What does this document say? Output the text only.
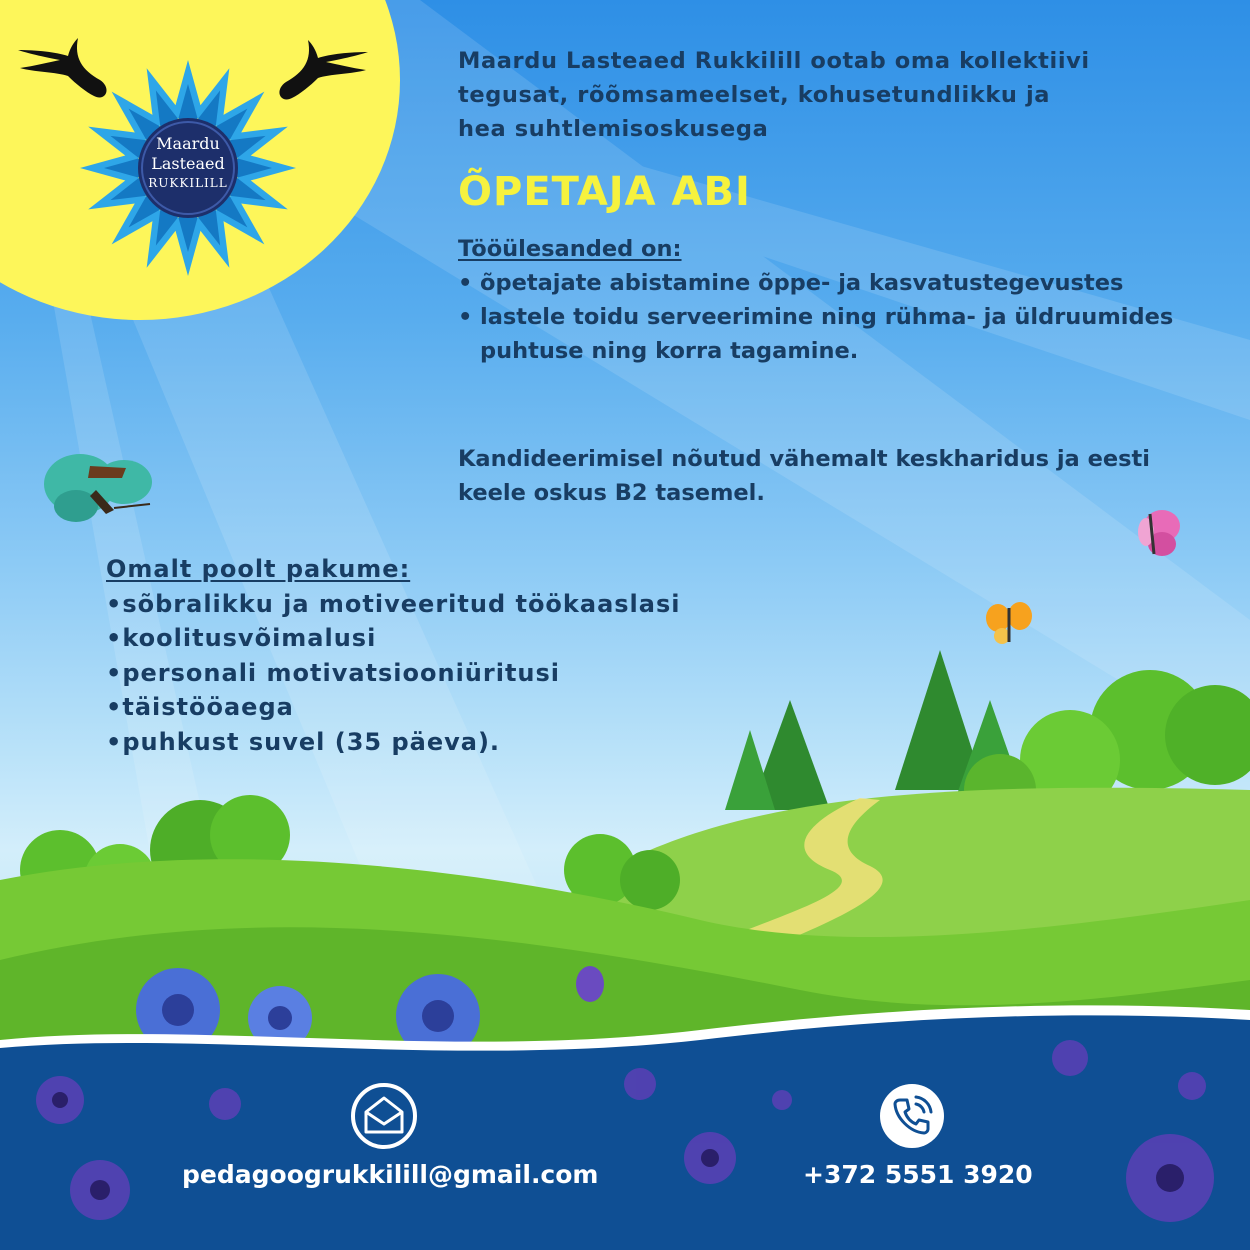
Maardu
Lasteaed
RUKKILILL

Maardu Lasteaed Rukkilill ootab oma kollektiivi
tegusat, rõõmsameelset, kohusetundlikku ja
hea suhtlemisoskusega

ÕPETAJA ABI
Tööülesanded on:
• õpetajate abistamine õppe- ja kasvatustegevustes
• lastele toidu serveerimine ning rühma- ja üldruumides puhtuse ning korra tagamine.

Kandideerimisel nõutud vähemalt keskharidus ja eesti keele oskus B2 tasemel.

Omalt poolt pakume:
• sõbralikku ja motiveeritud töökaaslasi
• koolitusvõimalusi
• personali motivatsiooniüritusi
• täistööaega
• puhkust suvel (35 päeva).

pedagoogrukkilill@gmail.com	+372 5551 3920
